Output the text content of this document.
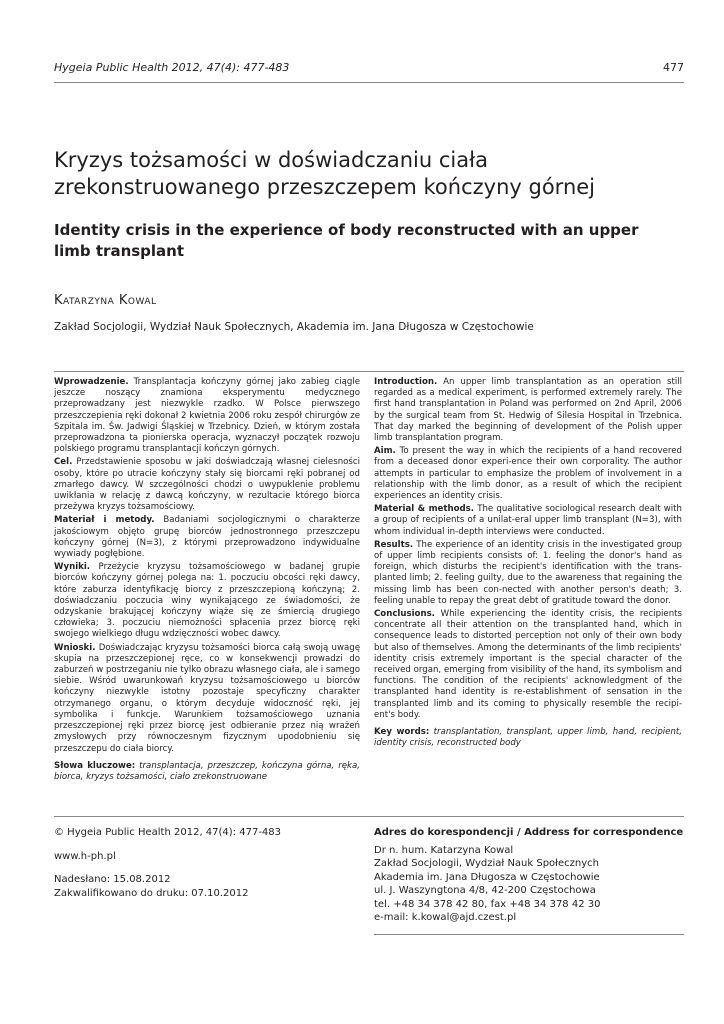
Hygeia Public Health 2012, 47(4): 477-483	477
Kryzys tożsamości w doświadczaniu ciała zrekonstruowanego przeszczepem kończyny górnej
Identity crisis in the experience of body reconstructed with an upper limb transplant
Katarzyna Kowal
Zakład Socjologii, Wydział Nauk Społecznych, Akademia im. Jana Długosza w Częstochowie

Wprowadzenie. Transplantacja kończyny górnej jako zabieg ciągle jeszcze noszący znamiona eksperymentu medycznego przeprowadzany jest niezwykle rzadko. W Polsce pierwszego przeszczepienia ręki dokonał 2 kwietnia 2006 roku zespół chirurgów ze Szpitala im. Św. Jadwigi Śląskiej w Trzebnicy. Dzień, w którym została przeprowadzona ta pionierska operacja, wyznaczył początek rozwoju polskiego programu transplantacji kończyn górnych.

Cel. Przedstawienie sposobu w jaki doświadczają własnej cielesności osoby, które po utracie kończyny stały się biorcami ręki pobranej od zmarłego dawcy. W szczególności chodzi o uwypuklenie problemu uwikłania w relację z dawcą kończyny, w rezultacie którego biorca przeżywa kryzys tożsamościowy.

Materiał i metody. Badaniami socjologicznymi o charakterze jakościowym objęto grupę biorców jednostronnego przeszczepu kończyny górnej (N=3), z którymi przeprowadzono indywidualne wywiady pogłębione.

Wyniki. Przeżycie kryzysu tożsamościowego w badanej grupie biorców kończyny górnej polega na: 1. poczuciu obcości ręki dawcy, które zaburza identyfikację biorcy z przeszczepioną kończyną; 2. doświadczaniu poczucia winy wynikającego ze świadomości, że odzyskanie brakującej kończyny wiąże się ze śmiercią drugiego człowieka; 3. poczuciu niemożności spłacenia przez biorcę ręki swojego wielkiego długu wdzięczności wobec dawcy.

Wnioski. Doświadczając kryzysu tożsamości biorca całą swoją uwagę skupia na przeszczepionej ręce, co w konsekwencji prowadzi do zaburzeń w postrzeganiu nie tylko obrazu własnego ciała, ale i samego siebie. Wśród uwarunkowań kryzysu tożsamościowego u biorców kończyny niezwykle istotny pozostaje specyficzny charakter otrzymanego organu, o którym decyduje widoczność ręki, jej symbolika i funkcje. Warunkiem tożsamościowego uznania przeszczepionej ręki przez biorcę jest odbieranie przez nią wrażeń zmysłowych przy równoczesnym fizycznym upodobnieniu się przeszczepu do ciała biorcy.

Słowa kluczowe: transplantacja, przeszczep, kończyna górna, ręka, biorca, kryzys tożsamości, ciało zrekonstruowane

Introduction. An upper limb transplantation as an operation still regarded as a medical experiment, is performed extremely rarely. The first hand transplantation in Poland was performed on 2nd April, 2006 by the surgical team from St. Hedwig of Silesia Hospital in Trzebnica. That day marked the beginning of development of the Polish upper limb transplantation program.

Aim. To present the way in which the recipients of a hand recovered from a deceased donor experi-ence their own corporality. The author attempts in particular to emphasize the problem of involvement in a relationship with the limb donor, as a result of which the recipient experiences an identity crisis.

Material & methods. The qualitative sociological research dealt with a group of recipients of a unilat-eral upper limb transplant (N=3), with whom individual in-depth interviews were conducted.

Results. The experience of an identity crisis in the investigated group of upper limb recipients consists of: 1. feeling the donor's hand as foreign, which disturbs the recipient's identification with the trans-planted limb; 2. feeling guilty, due to the awareness that regaining the missing limb has been con-nected with another person's death; 3. feeling unable to repay the great debt of gratitude toward the donor.

Conclusions. While experiencing the identity crisis, the recipients concentrate all their attention on the transplanted hand, which in consequence leads to distorted perception not only of their own body but also of themselves. Among the determinants of the limb recipients' identity crisis extremely important is the special character of the received organ, emerging from visibility of the hand, its symbolism and functions. The condition of the recipients' acknowledgment of the transplanted hand identity is re-establishment of sensation in the transplanted limb and its coming to physically resemble the recipi-ent's body.

Key words: transplantation, transplant, upper limb, hand, recipient, identity crisis, reconstructed body

© Hygeia Public Health 2012, 47(4): 477-483
www.h-ph.pl
Nadesłano: 15.08.2012
Zakwalifikowano do druku: 07.10.2012
Adres do korespondencji / Address for correspondence
Dr n. hum. Katarzyna Kowal
Zakład Socjologii, Wydział Nauk Społecznych
Akademia im. Jana Długosza w Częstochowie
ul. J. Waszyngtona 4/8, 42-200 Częstochowa
tel. +48 34 378 42 80, fax +48 34 378 42 30
e-mail: k.kowal@ajd.czest.pl
